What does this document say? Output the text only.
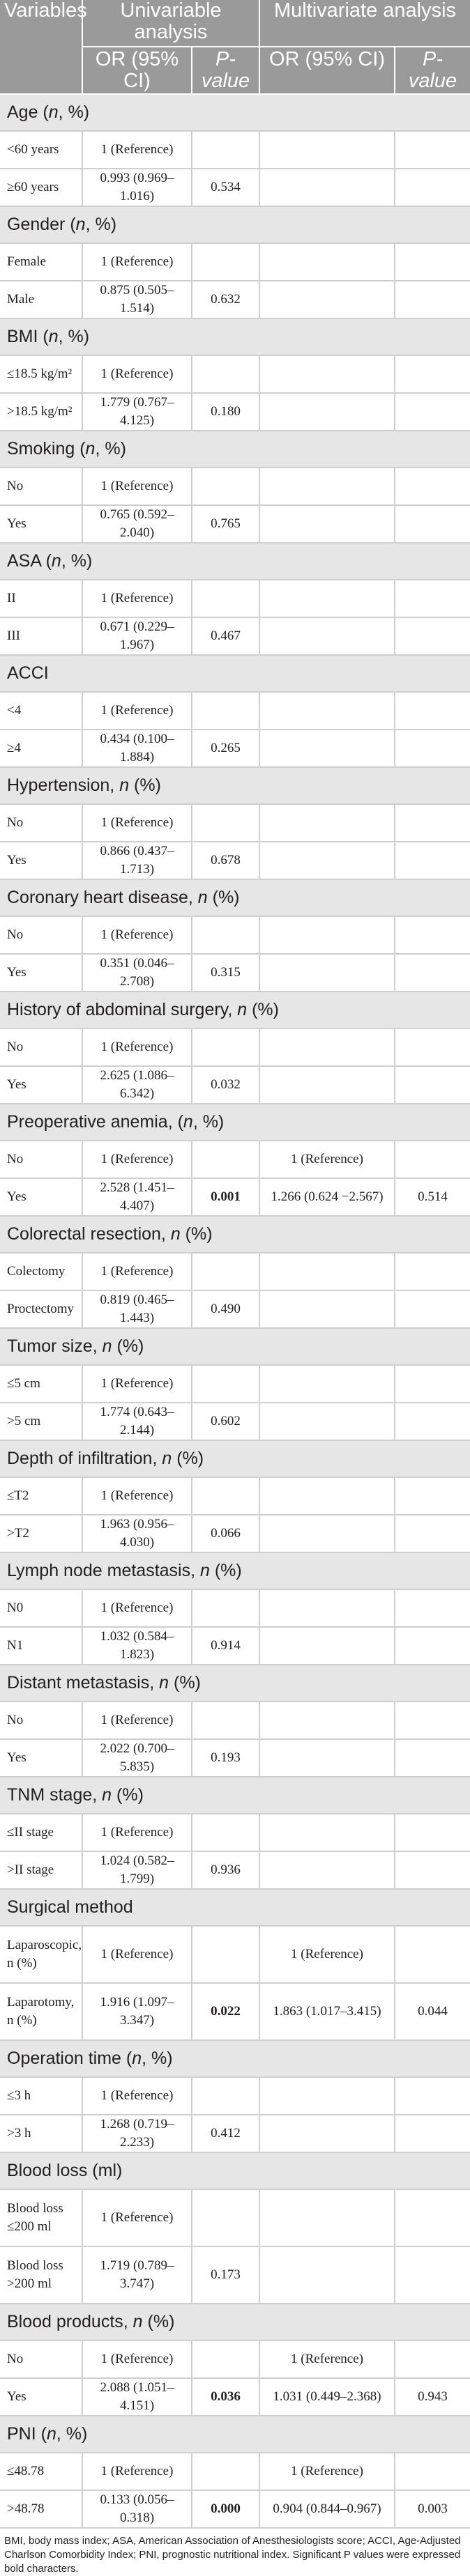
Variables	Univariable analysis		Multivariate analysis	
	OR (95% CI)	P-value	OR (95% CI)	P-value
Age (n, %)				
<60 years	1 (Reference)			
≥60 years	0.993 (0.969–1.016)	0.534		
Gender (n, %)				
Female	1 (Reference)			
Male	0.875 (0.505–1.514)	0.632		
BMI (n, %)				
≤18.5 kg/m²	1 (Reference)			
>18.5 kg/m²	1.779 (0.767–4.125)	0.180		
Smoking (n, %)				
No	1 (Reference)			
Yes	0.765 (0.592–2.040)	0.765		
ASA (n, %)				
II	1 (Reference)			
III	0.671 (0.229–1.967)	0.467		
ACCI				
<4	1 (Reference)			
≥4	0.434 (0.100–1.884)	0.265		
Hypertension, n (%)				
No	1 (Reference)			
Yes	0.866 (0.437–1.713)	0.678		
Coronary heart disease, n (%)				
No	1 (Reference)			
Yes	0.351 (0.046–2.708)	0.315		
History of abdominal surgery, n (%)				
No	1 (Reference)			
Yes	2.625 (1.086–6.342)	0.032		
Preoperative anemia, (n, %)				
No	1 (Reference)		1 (Reference)	
Yes	2.528 (1.451–4.407)	0.001	1.266 (0.624 −2.567)	0.514
Colorectal resection, n (%)				
Colectomy	1 (Reference)			
Proctectomy	0.819 (0.465–1.443)	0.490		
Tumor size, n (%)				
≤5 cm	1 (Reference)			
>5 cm	1.774 (0.643–2.144)	0.602		
Depth of infiltration, n (%)				
≤T2	1 (Reference)			
>T2	1.963 (0.956–4.030)	0.066		
Lymph node metastasis, n (%)				
N0	1 (Reference)			
N1	1.032 (0.584–1.823)	0.914		
Distant metastasis, n (%)				
No	1 (Reference)			
Yes	2.022 (0.700–5.835)	0.193		
TNM stage, n (%)				
≤II stage	1 (Reference)			
>II stage	1.024 (0.582–1.799)	0.936		
Surgical method				
Laparoscopic, n (%)	1 (Reference)		1 (Reference)	
Laparotomy, n (%)	1.916 (1.097–3.347)	0.022	1.863 (1.017–3.415)	0.044
Operation time (n, %)				
≤3 h	1 (Reference)			
>3 h	1.268 (0.719–2.233)	0.412		
Blood loss (ml)				
Blood loss ≤200 ml	1 (Reference)			
Blood loss >200 ml	1.719 (0.789–3.747)	0.173		
Blood products, n (%)				
No	1 (Reference)		1 (Reference)	
Yes	2.088 (1.051–4.151)	0.036	1.031 (0.449–2.368)	0.943
PNI (n, %)				
≤48.78	1 (Reference)		1 (Reference)	
>48.78	0.133 (0.056–0.318)	0.000	0.904 (0.844–0.967)	0.003
BMI, body mass index; ASA, American Association of Anesthesiologists score; ACCI, Age-Adjusted Charlson Comorbidity Index; PNI, prognostic nutritional index. Significant P values were expressed bold characters.
